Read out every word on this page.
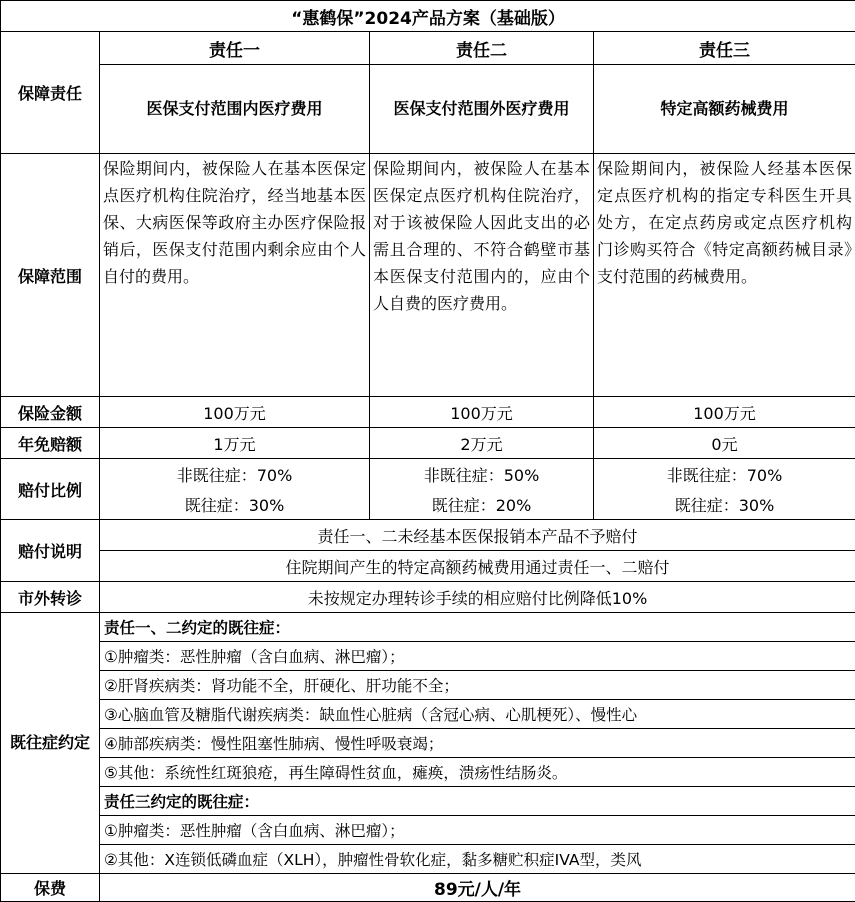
“惠鹤保”2024产品方案（基础版）			
保障责任	责任一	责任二	责任三
	医保支付范围内医疗费用	医保支付范围外医疗费用	特定高额药械费用
保障范围	保险期间内，被保险人在基本医保定点医疗机构住院治疗，经当地基本医保、大病医保等政府主办医疗保险报销后，医保支付范围内剩余应由个人自付的费用。	保险期间内，被保险人在基本医保定点医疗机构住院治疗，对于该被保险人因此支出的必需且合理的、不符合鹤壁市基本医保支付范围内的，应由个人自费的医疗费用。	保险期间内，被保险人经基本医保定点医疗机构的指定专科医生开具处方，在定点药房或定点医疗机构门诊购买符合《特定高额药械目录》支付范围的药械费用。
保险金额	100万元	100万元	100万元
年免赔额	1万元	2万元	0元
赔付比例	非既往症：70%	非既往症：50%	非既往症：70%
	既往症：30%	既往症：20%	既往症：30%
赔付说明	责任一、二未经基本医保报销本产品不予赔付		
	住院期间产生的特定高额药械费用通过责任一、二赔付		
市外转诊	未按规定办理转诊手续的相应赔付比例降低10%		
既往症约定	责任一、二约定的既往症：		
	①肿瘤类：恶性肿瘤（含白血病、淋巴瘤）；		
	②肝肾疾病类：肾功能不全，肝硬化、肝功能不全；		
	③心脑血管及糖脂代谢疾病类：缺血性心脏病（含冠心病、心肌梗死）、慢性心		
	④肺部疾病类：慢性阻塞性肺病、慢性呼吸衰竭；		
	⑤其他：系统性红斑狼疮，再生障碍性贫血，瘫痪，溃疡性结肠炎。		
	责任三约定的既往症：		
	①肿瘤类：恶性肿瘤（含白血病、淋巴瘤）；		
	②其他：X连锁低磷血症（XLH），肿瘤性骨软化症，黏多糖贮积症IVA型，类风		
保费	89元/人/年		
